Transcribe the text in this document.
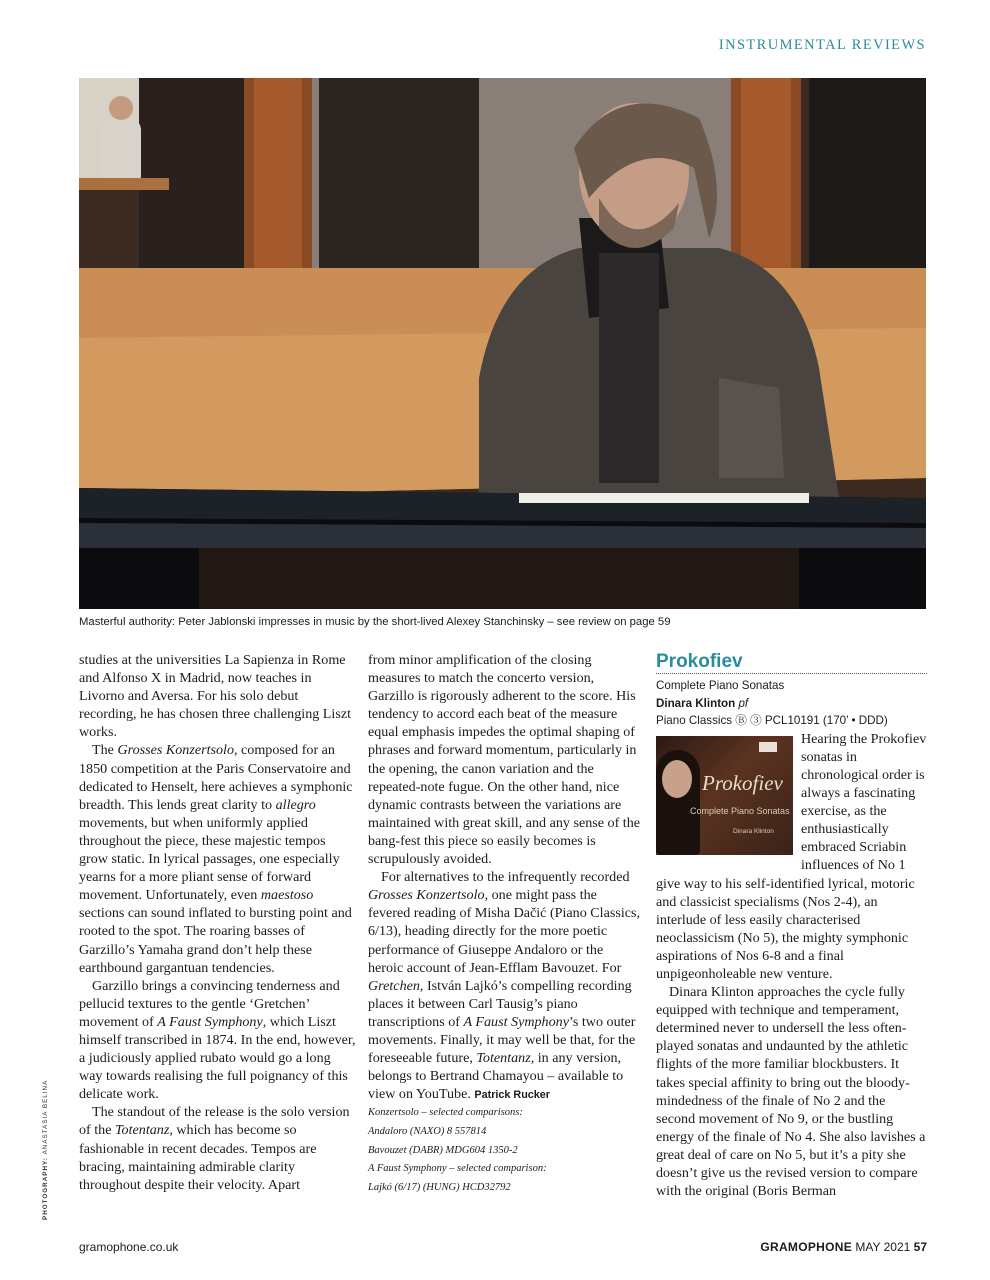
INSTRUMENTAL REVIEWS
Masterful authority: Peter Jablonski impresses in music by the short-lived Alexey Stanchinsky – see review on page 59
PHOTOGRAPHY: ANASTASIA BELINA

studies at the universities La Sapienza in Rome and Alfonso X in Madrid, now teaches in Livorno and Aversa. For his solo debut recording, he has chosen three challenging Liszt works.

The Grosses Konzertsolo, composed for an 1850 competition at the Paris Conservatoire and dedicated to Henselt, here achieves a symphonic breadth. This lends great clarity to allegro movements, but when uniformly applied throughout the piece, these majestic tempos grow static. In lyrical passages, one especially yearns for a more pliant sense of forward movement. Unfortunately, even maestoso sections can sound inflated to bursting point and rooted to the spot. The roaring basses of Garzillo’s Yamaha grand don’t help these earthbound gargantuan tendencies.

Garzillo brings a convincing tenderness and pellucid textures to the gentle ‘Gretchen’ movement of A Faust Symphony, which Liszt himself transcribed in 1874. In the end, however, a judiciously applied rubato would go a long way towards realising the full poignancy of this delicate work.

The standout of the release is the solo version of the Totentanz, which has become so fashionable in recent decades. Tempos are bracing, maintaining admirable clarity throughout despite their velocity. Apart

from minor amplification of the closing measures to match the concerto version, Garzillo is rigorously adherent to the score. His tendency to accord each beat of the measure equal emphasis impedes the optimal shaping of phrases and forward momentum, particularly in the opening, the canon variation and the repeated-note fugue. On the other hand, nice dynamic contrasts between the variations are maintained with great skill, and any sense of the bang-fest this piece so easily becomes is scrupulously avoided.

For alternatives to the infrequently recorded Grosses Konzertsolo, one might pass the fevered reading of Misha Dačić (Piano Classics, 6/13), heading directly for the more poetic performance of Giuseppe Andaloro or the heroic account of Jean-Efflam Bavouzet. For Gretchen, István Lajkó’s compelling recording places it between Carl Tausig’s piano transcriptions of A Faust Symphony’s two outer movements. Finally, it may well be that, for the foreseeable future, Totentanz, in any version, belongs to Bertrand Chamayou – available to view on YouTube. Patrick Rucker

Konzertsolo – selected comparisons:
Andaloro (NAXO) 8 557814
Bavouzet (DABR) MDG604 1350-2
A Faust Symphony – selected comparison:
Lajkó (6/17) (HUNG) HCD32792
Prokofiev
Complete Piano Sonatas
Dinara Klinton pf
Piano Classics Ⓑ ③ PCL10191 (170’ • DDD)
Prokofiev
Complete Piano Sonatas
Dinara Klinton

Hearing the Prokofiev sonatas in chronological order is always a fascinating exercise, as the enthusiastically embraced Scriabin influences of No 1 give way to his self-identified lyrical, motoric and classicist specialisms (Nos 2-4), an interlude of less easily characterised neoclassicism (No 5), the mighty symphonic aspirations of Nos 6-8 and a final unpigeonholeable new venture.

Dinara Klinton approaches the cycle fully equipped with technique and temperament, determined never to undersell the less often-played sonatas and undaunted by the athletic flights of the more familiar blockbusters. It takes special affinity to bring out the bloody-mindedness of the finale of No 2 and the second movement of No 9, or the bustling energy of the finale of No 4. She also lavishes a great deal of care on No 5, but it’s a pity she doesn’t give us the revised version to compare with the original (Boris Berman

gramophone.co.uk	GRAMOPHONE MAY 2021 57
